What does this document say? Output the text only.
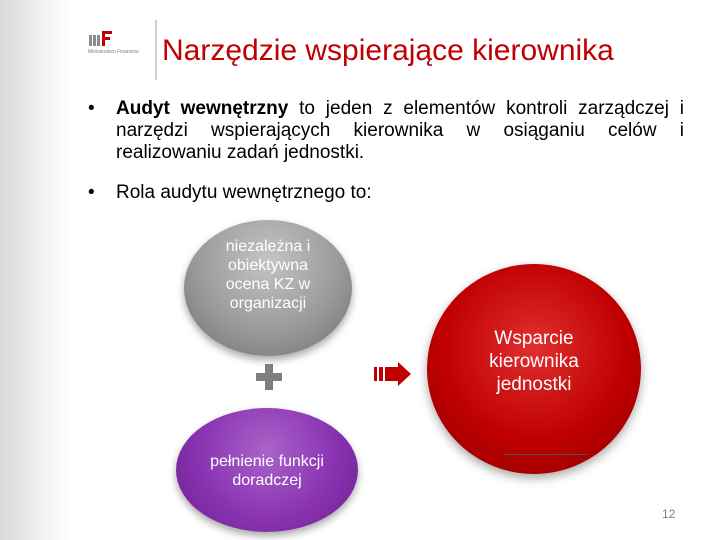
Ministerstwo Finansów Narzędzie wspierające kierownika
• Audyt wewnętrzny to jeden z elementów kontroli zarządczej i narzędzi wspierających kierownika w osiąganiu celów i realizowaniu zadań jednostki.
• Rola audytu wewnętrznego to:
niezależna i obiektywna ocena KZ w organizacji
pełnienie funkcji doradczej
Wsparcie kierownika jednostki
12
